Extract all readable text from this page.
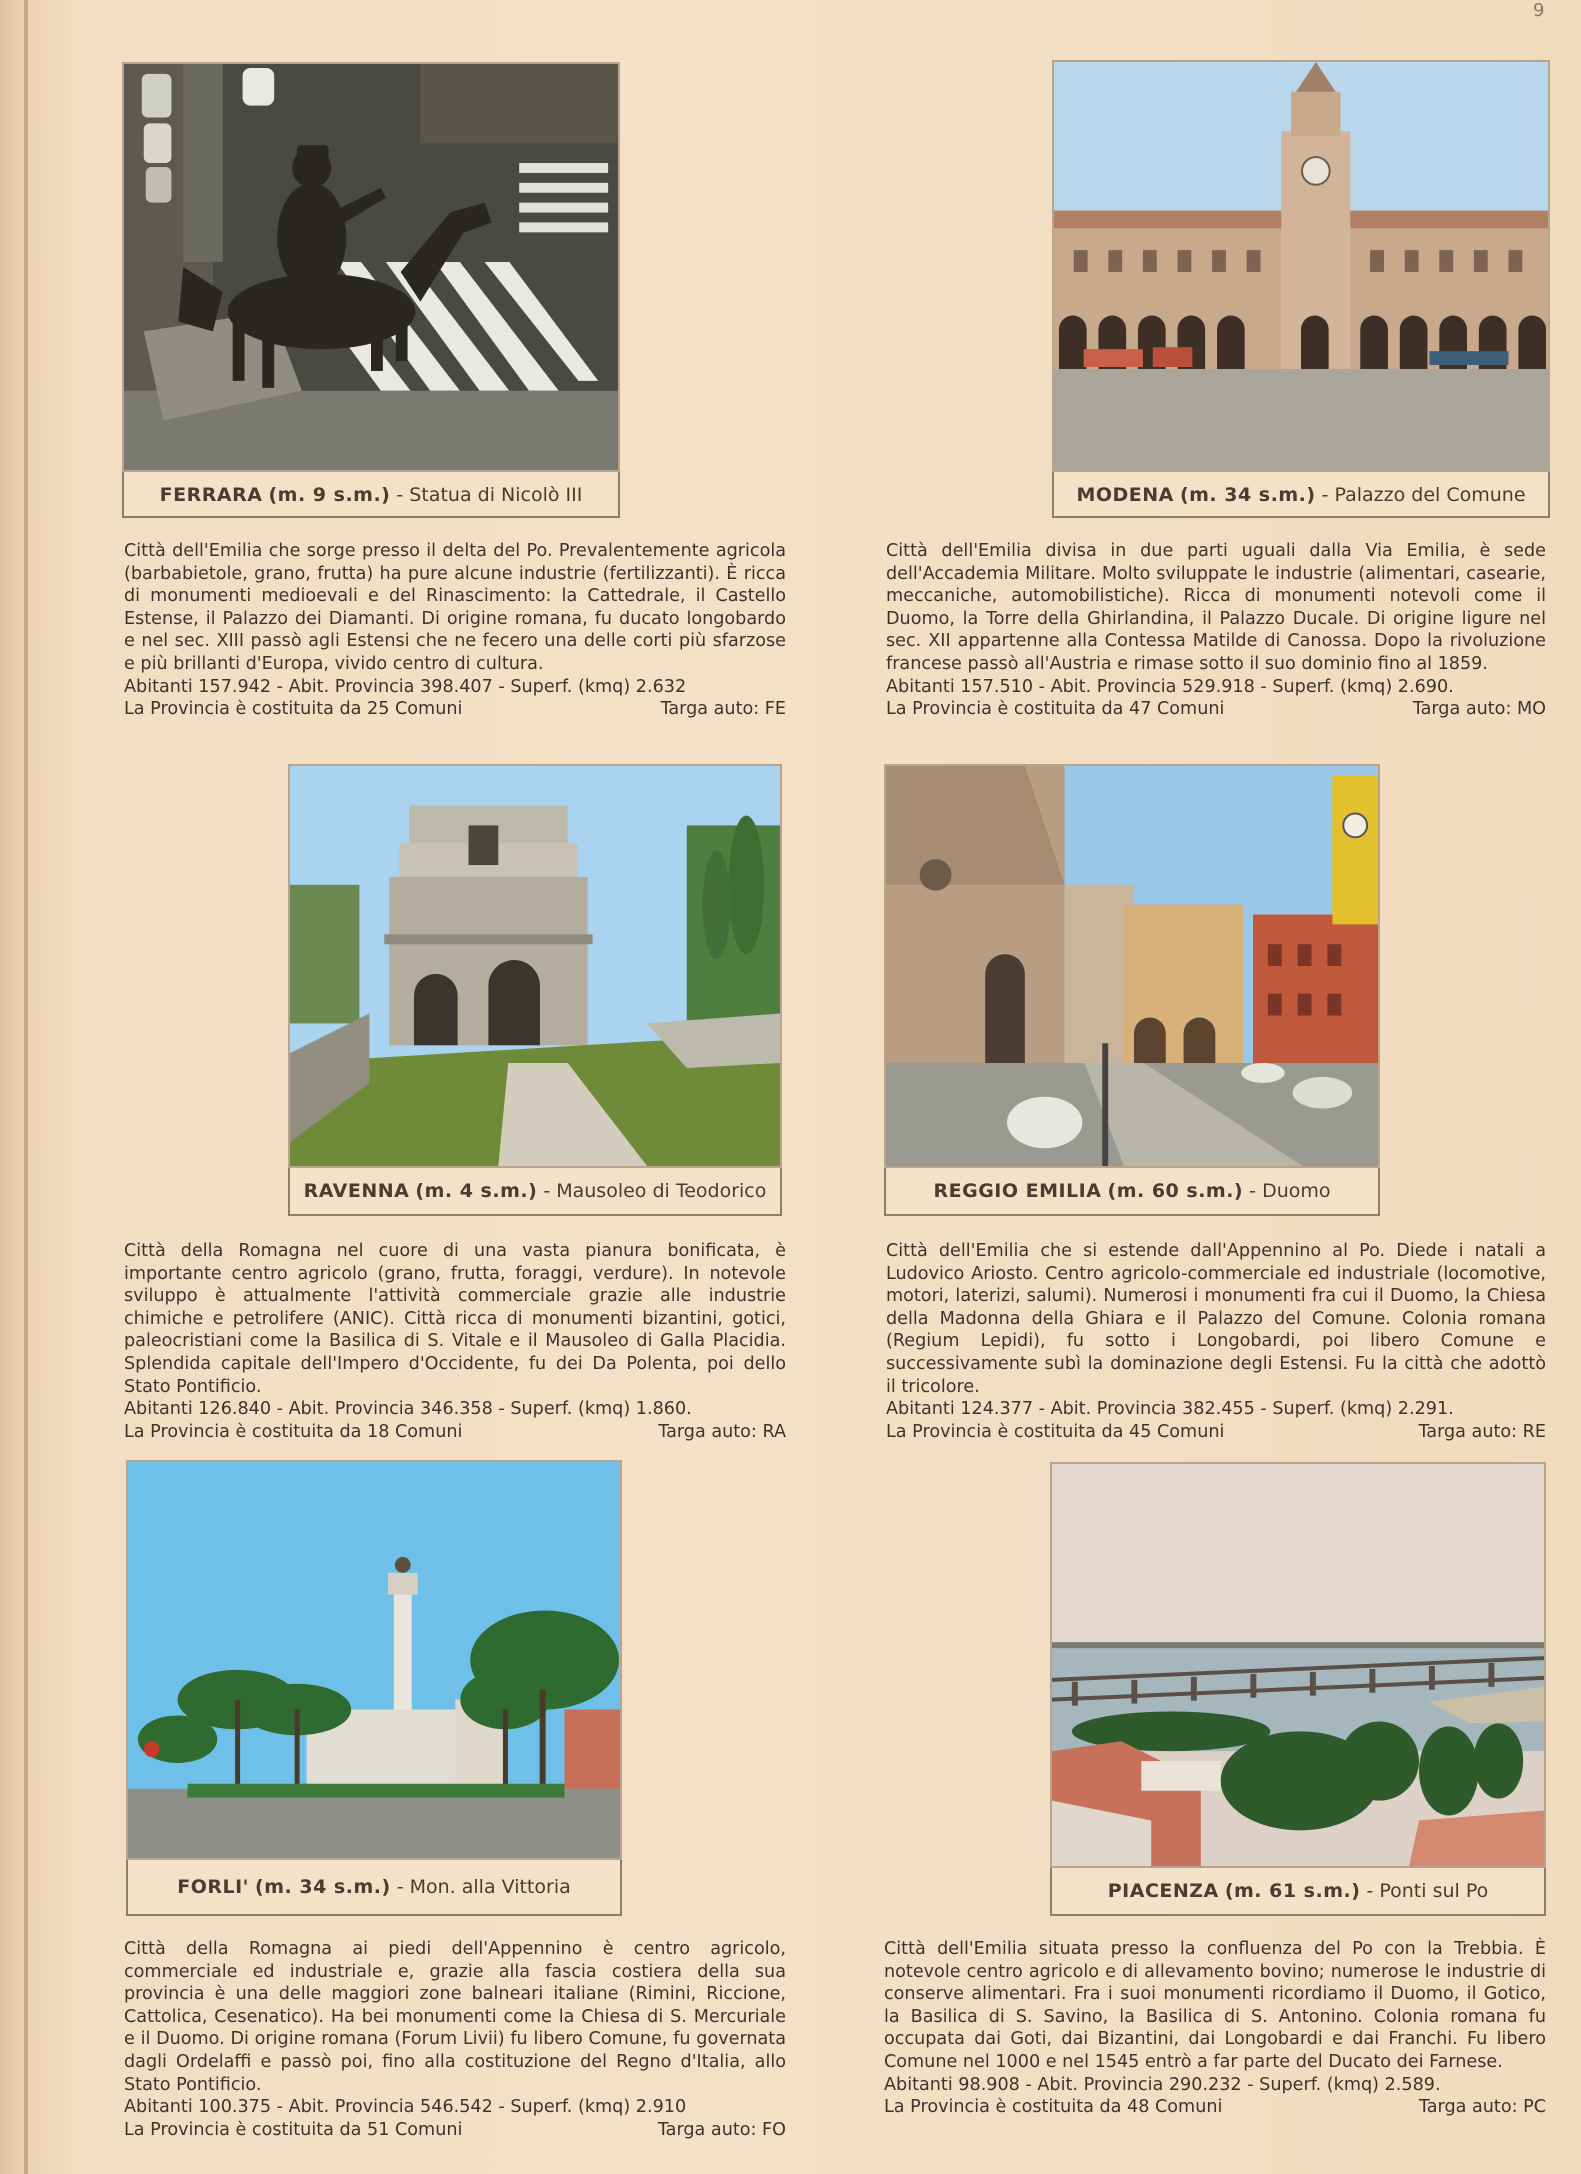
9
FERRARA (m. 9 s.m.) - Statua di Nicolò III

Città dell'Emilia che sorge presso il delta del Po. Prevalentemente agricola (barbabietole, grano, frutta) ha pure alcune industrie (fertilizzanti). È ricca di monumenti medioevali e del Rinascimento: la Cattedrale, il Castello Estense, il Palazzo dei Diamanti. Di origine romana, fu ducato longobardo e nel sec. XIII passò agli Estensi che ne fecero una delle corti più sfarzose e più brillanti d'Europa, vivido centro di cultura.

Abitanti 157.942 - Abit. Provincia 398.407 - Superf. (kmq) 2.632

La Provincia è costituita da 25 Comuni	Targa auto: FE
MODENA (m. 34 s.m.) - Palazzo del Comune

Città dell'Emilia divisa in due parti uguali dalla Via Emilia, è sede dell'Accademia Militare. Molto sviluppate le industrie (alimentari, casearie, meccaniche, automobilistiche). Ricca di monumenti notevoli come il Duomo, la Torre della Ghirlandina, il Palazzo Ducale. Di origine ligure nel sec. XII appartenne alla Contessa Matilde di Canossa. Dopo la rivoluzione francese passò all'Austria e rimase sotto il suo dominio fino al 1859.

Abitanti 157.510 - Abit. Provincia 529.918 - Superf. (kmq) 2.690.

La Provincia è costituita da 47 Comuni	Targa auto: MO
RAVENNA (m. 4 s.m.) - Mausoleo di Teodorico

Città della Romagna nel cuore di una vasta pianura bonificata, è importante centro agricolo (grano, frutta, foraggi, verdure). In notevole sviluppo è attualmente l'attività commerciale grazie alle industrie chimiche e petrolifere (ANIC). Città ricca di monumenti bizantini, gotici, paleocristiani come la Basilica di S. Vitale e il Mausoleo di Galla Placidia. Splendida capitale dell'Impero d'Occidente, fu dei Da Polenta, poi dello Stato Pontificio.

Abitanti 126.840 - Abit. Provincia 346.358 - Superf. (kmq) 1.860.

La Provincia è costituita da 18 Comuni	Targa auto: RA
REGGIO EMILIA (m. 60 s.m.) - Duomo

Città dell'Emilia che si estende dall'Appennino al Po. Diede i natali a Ludovico Ariosto. Centro agricolo-commerciale ed industriale (locomotive, motori, laterizi, salumi). Numerosi i monumenti fra cui il Duomo, la Chiesa della Madonna della Ghiara e il Palazzo del Comune. Colonia romana (Regium Lepidi), fu sotto i Longobardi, poi libero Comune e successivamente subì la dominazione degli Estensi. Fu la città che adottò il tricolore.

Abitanti 124.377 - Abit. Provincia 382.455 - Superf. (kmq) 2.291.

La Provincia è costituita da 45 Comuni	Targa auto: RE
FORLI' (m. 34 s.m.) - Mon. alla Vittoria

Città della Romagna ai piedi dell'Appennino è centro agricolo, commerciale ed industriale e, grazie alla fascia costiera della sua provincia è una delle maggiori zone balneari italiane (Rimini, Riccione, Cattolica, Cesenatico). Ha bei monumenti come la Chiesa di S. Mercuriale e il Duomo. Di origine romana (Forum Livii) fu libero Comune, fu governata dagli Ordelaffi e passò poi, fino alla costituzione del Regno d'Italia, allo Stato Pontificio.

Abitanti 100.375 - Abit. Provincia 546.542 - Superf. (kmq) 2.910

La Provincia è costituita da 51 Comuni	Targa auto: FO
PIACENZA (m. 61 s.m.) - Ponti sul Po

Città dell'Emilia situata presso la confluenza del Po con la Trebbia. È notevole centro agricolo e di allevamento bovino; numerose le industrie di conserve alimentari. Fra i suoi monumenti ricordiamo il Duomo, il Gotico, la Basilica di S. Savino, la Basilica di S. Antonino. Colonia romana fu occupata dai Goti, dai Bizantini, dai Longobardi e dai Franchi. Fu libero Comune nel 1000 e nel 1545 entrò a far parte del Ducato dei Farnese.

Abitanti 98.908 - Abit. Provincia 290.232 - Superf. (kmq) 2.589.

La Provincia è costituita da 48 Comuni	Targa auto: PC
